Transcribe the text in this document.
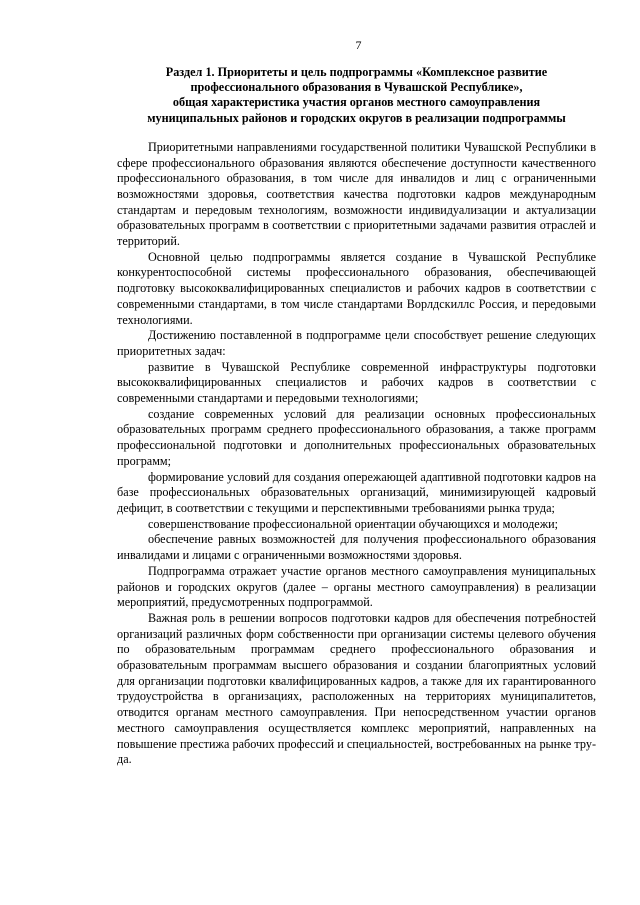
7
Раздел 1. Приоритеты и цель подпрограммы «Комплексное развитие
профессионального образования в Чувашской Республике»,
общая характеристика участия органов местного самоуправления
муниципальных районов и городских округов в реализации подпрограммы

Приоритетными направлениями государственной политики Чувашской Республики в сфере профессионального образования являются обеспечение доступности качественного профессионального образования, в том числе для инвалидов и лиц с ограниченными возможностями здоровья, соответствия качества подготовки кадров международным стандартам и передовым технологиям, возможности индивидуализации и актуализации образовательных программ в соответствии с приоритетными задачами развития отраслей и территорий.

Основной целью подпрограммы является создание в Чувашской Республике конкурентоспособной системы профессионального образования, обеспечивающей подготовку высококвалифицированных специалистов и рабочих кадров в соответствии с современными стандартами, в том числе стандартами Ворлдскиллс Россия, и передовыми технологиями.

Достижению поставленной в подпрограмме цели способствует решение следующих приоритетных задач:

развитие в Чувашской Республике современной инфраструктуры подготовки высококвалифицированных специалистов и рабочих кадров в соответствии с современными стандартами и передовыми технологиями;

создание современных условий для реализации основных профессиональных образовательных программ среднего профессионального образования, а также программ профессиональной подготовки и дополнительных профессиональных образовательных программ;

формирование условий для создания опережающей адаптивной подготовки кадров на базе профессиональных образовательных организаций, минимизирующей кадровый дефицит, в соответствии с текущими и перспективными требованиями рынка труда;

совершенствование профессиональной ориентации обучающихся и молодежи;

обеспечение равных возможностей для получения профессионального образования инвалидами и лицами с ограниченными возможностями здоровья.

Подпрограмма отражает участие органов местного самоуправления муниципальных районов и городских округов (далее – органы местного самоуправления) в реализации мероприятий, предусмотренных подпрограммой.

Важная роль в решении вопросов подготовки кадров для обеспечения потребностей организаций различных форм собственности при организации системы целевого обучения по образовательным программам среднего профессионального образования и образовательным программам высшего образования и создании благоприятных условий для организации подготовки квалифицированных кадров, а также для их гарантированного трудоустройства в организациях, расположенных на территориях муниципалитетов, отводится органам местного самоуправления. При непосредственном участии органов местного самоуправления осуществляется комплекс мероприятий, направленных на повышение престижа рабочих профессий и специальностей, востребованных на рынке труда.
